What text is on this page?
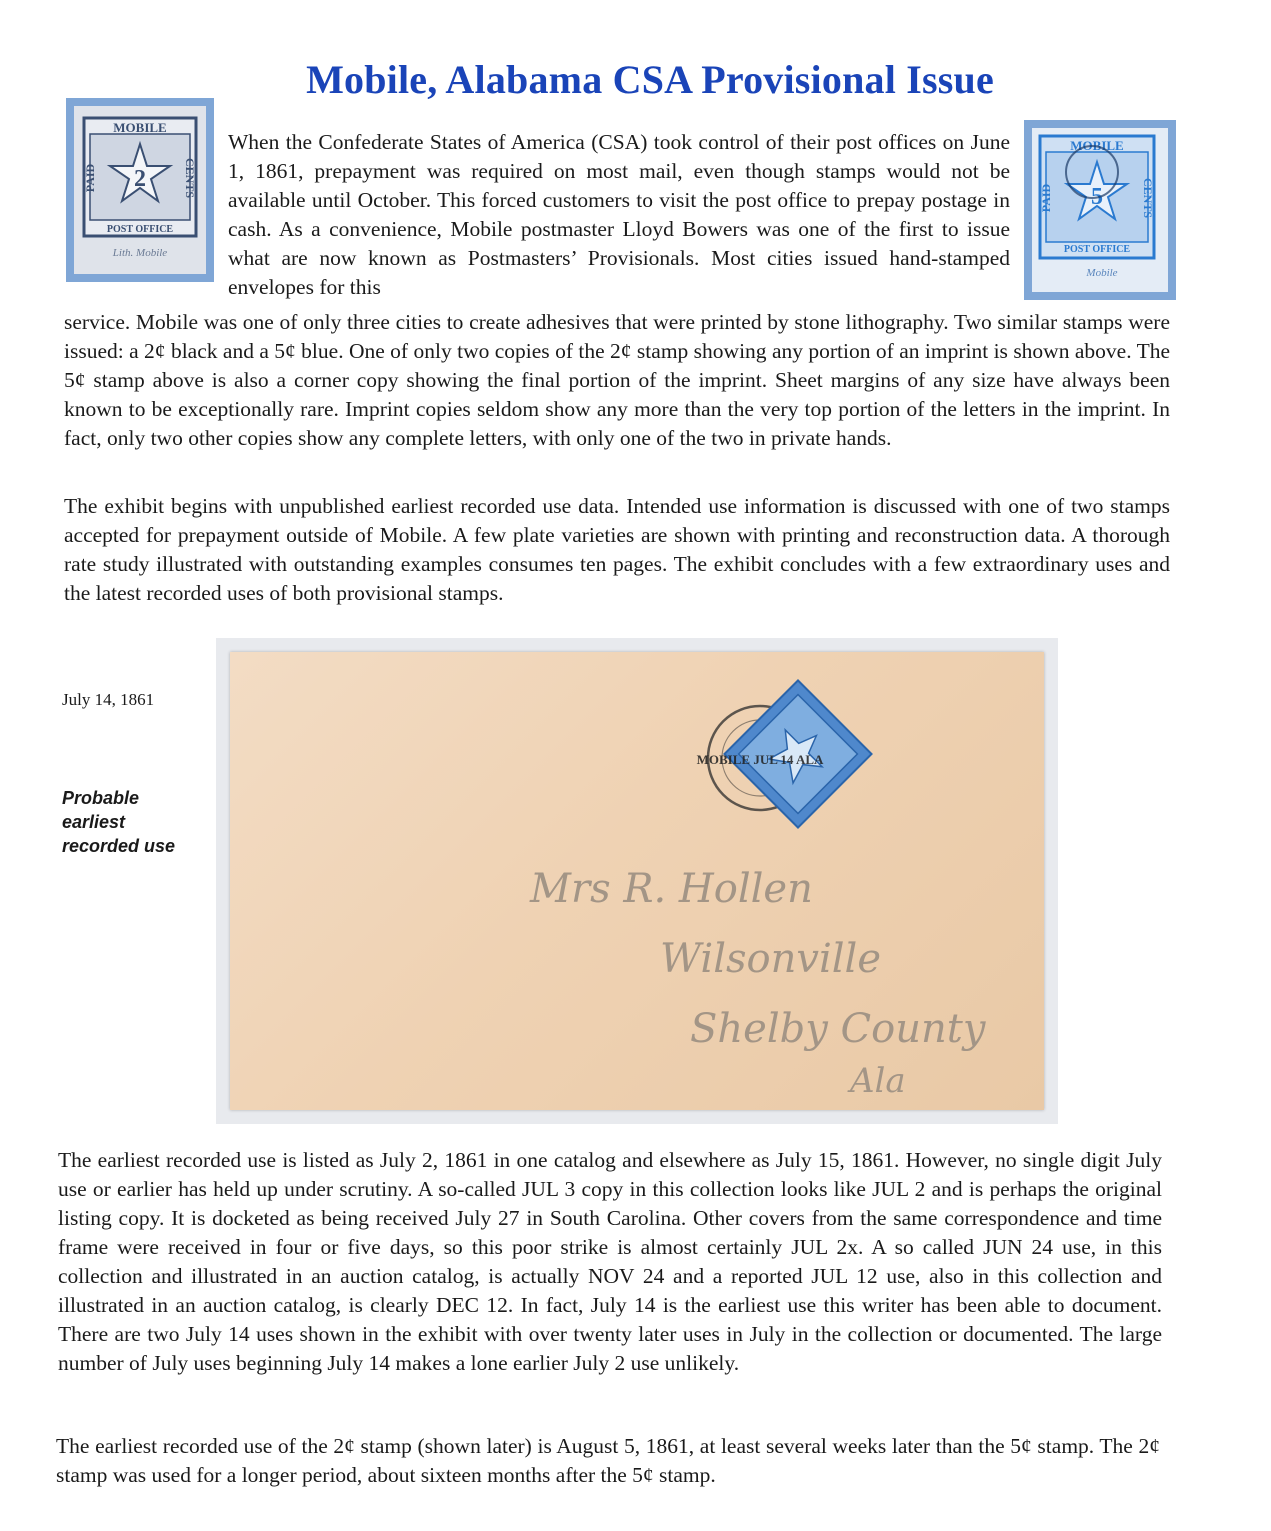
Mobile, Alabama CSA Provisional Issue
MOBILE
PAID	CENTS
2
POST OFFICE
Lith. Mobile
MOBILE
PAID	CENTS
5
POST OFFICE
Mobile

When the Confederate States of America (CSA) took control of their post offices on June 1, 1861, prepayment was required on most mail, even though stamps would not be available until October. This forced customers to visit the post office to prepay postage in cash. As a convenience, Mobile postmaster Lloyd Bowers was one of the first to issue what are now known as Postmasters’ Provisionals. Most cities issued hand-stamped envelopes for this

service. Mobile was one of only three cities to create adhesives that were printed by stone lithography. Two similar stamps were issued: a 2¢ black and a 5¢ blue. One of only two copies of the 2¢ stamp showing any portion of an imprint is shown above. The 5¢ stamp above is also a corner copy showing the final portion of the imprint. Sheet margins of any size have always been known to be exceptionally rare. Imprint copies seldom show any more than the very top portion of the letters in the imprint. In fact, only two other copies show any complete letters, with only one of the two in private hands.

The exhibit begins with unpublished earliest recorded use data. Intended use information is discussed with one of two stamps accepted for prepayment outside of Mobile. A few plate varieties are shown with printing and reconstruction data. A thorough rate study illustrated with outstanding examples consumes ten pages. The exhibit concludes with a few extraordinary uses and the latest recorded uses of both provisional stamps.

July 14, 1861
Probable earliest recorded use
MOBILE JUL 14 ALA
Mrs R. Hollen
Wilsonville
Shelby County
Ala

The earliest recorded use is listed as July 2, 1861 in one catalog and elsewhere as July 15, 1861. However, no single digit July use or earlier has held up under scrutiny. A so-called JUL 3 copy in this collection looks like JUL 2 and is perhaps the original listing copy. It is docketed as being received July 27 in South Carolina. Other covers from the same correspondence and time frame were received in four or five days, so this poor strike is almost certainly JUL 2x. A so called JUN 24 use, in this collection and illustrated in an auction catalog, is actually NOV 24 and a reported JUL 12 use, also in this collection and illustrated in an auction catalog, is clearly DEC 12. In fact, July 14 is the earliest use this writer has been able to document. There are two July 14 uses shown in the exhibit with over twenty later uses in July in the collection or documented. The large number of July uses beginning July 14 makes a lone earlier July 2 use unlikely.

The earliest recorded use of the 2¢ stamp (shown later) is August 5, 1861, at least several weeks later than the 5¢ stamp. The 2¢ stamp was used for a longer period, about sixteen months after the 5¢ stamp.
